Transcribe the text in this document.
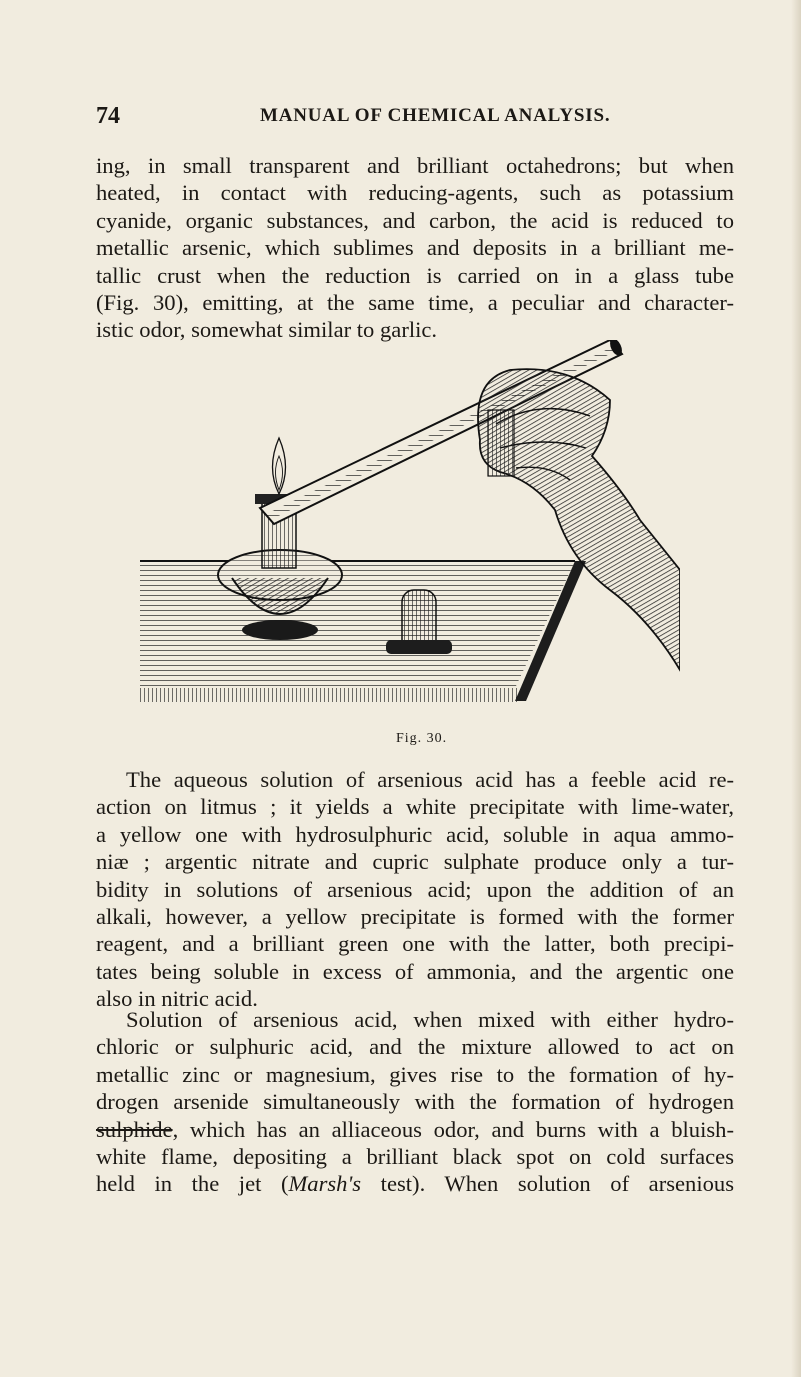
74	MANUAL OF CHEMICAL ANALYSIS.

ing, in small transparent and brilliant octahedrons; but when
heated, in contact with reducing-agents, such as potassium
cyanide, organic substances, and carbon, the acid is reduced to
metallic arsenic, which sublimes and deposits in a brilliant me-
tallic crust when the reduction is carried on in a glass tube
(Fig. 30), emitting, at the same time, a peculiar and character-
istic odor, somewhat similar to garlic.

Fig. 30.

The aqueous solution of arsenious acid has a feeble acid re-
action on litmus ; it yields a white precipitate with lime-water,
a yellow one with hydrosulphuric acid, soluble in aqua ammo-
niæ ; argentic nitrate and cupric sulphate produce only a tur-
bidity in solutions of arsenious acid; upon the addition of an
alkali, however, a yellow precipitate is formed with the former
reagent, and a brilliant green one with the latter, both precipi-
tates being soluble in excess of ammonia, and the argentic one
also in nitric acid.

Solution of arsenious acid, when mixed with either hydro-
chloric or sulphuric acid, and the mixture allowed to act on
metallic zinc or magnesium, gives rise to the formation of hy-
drogen arsenide simultaneously with the formation of hydrogen
sulphide, which has an alliaceous odor, and burns with a bluish-
white flame, depositing a brilliant black spot on cold surfaces
held in the jet (Marsh's test). When solution of arsenious
